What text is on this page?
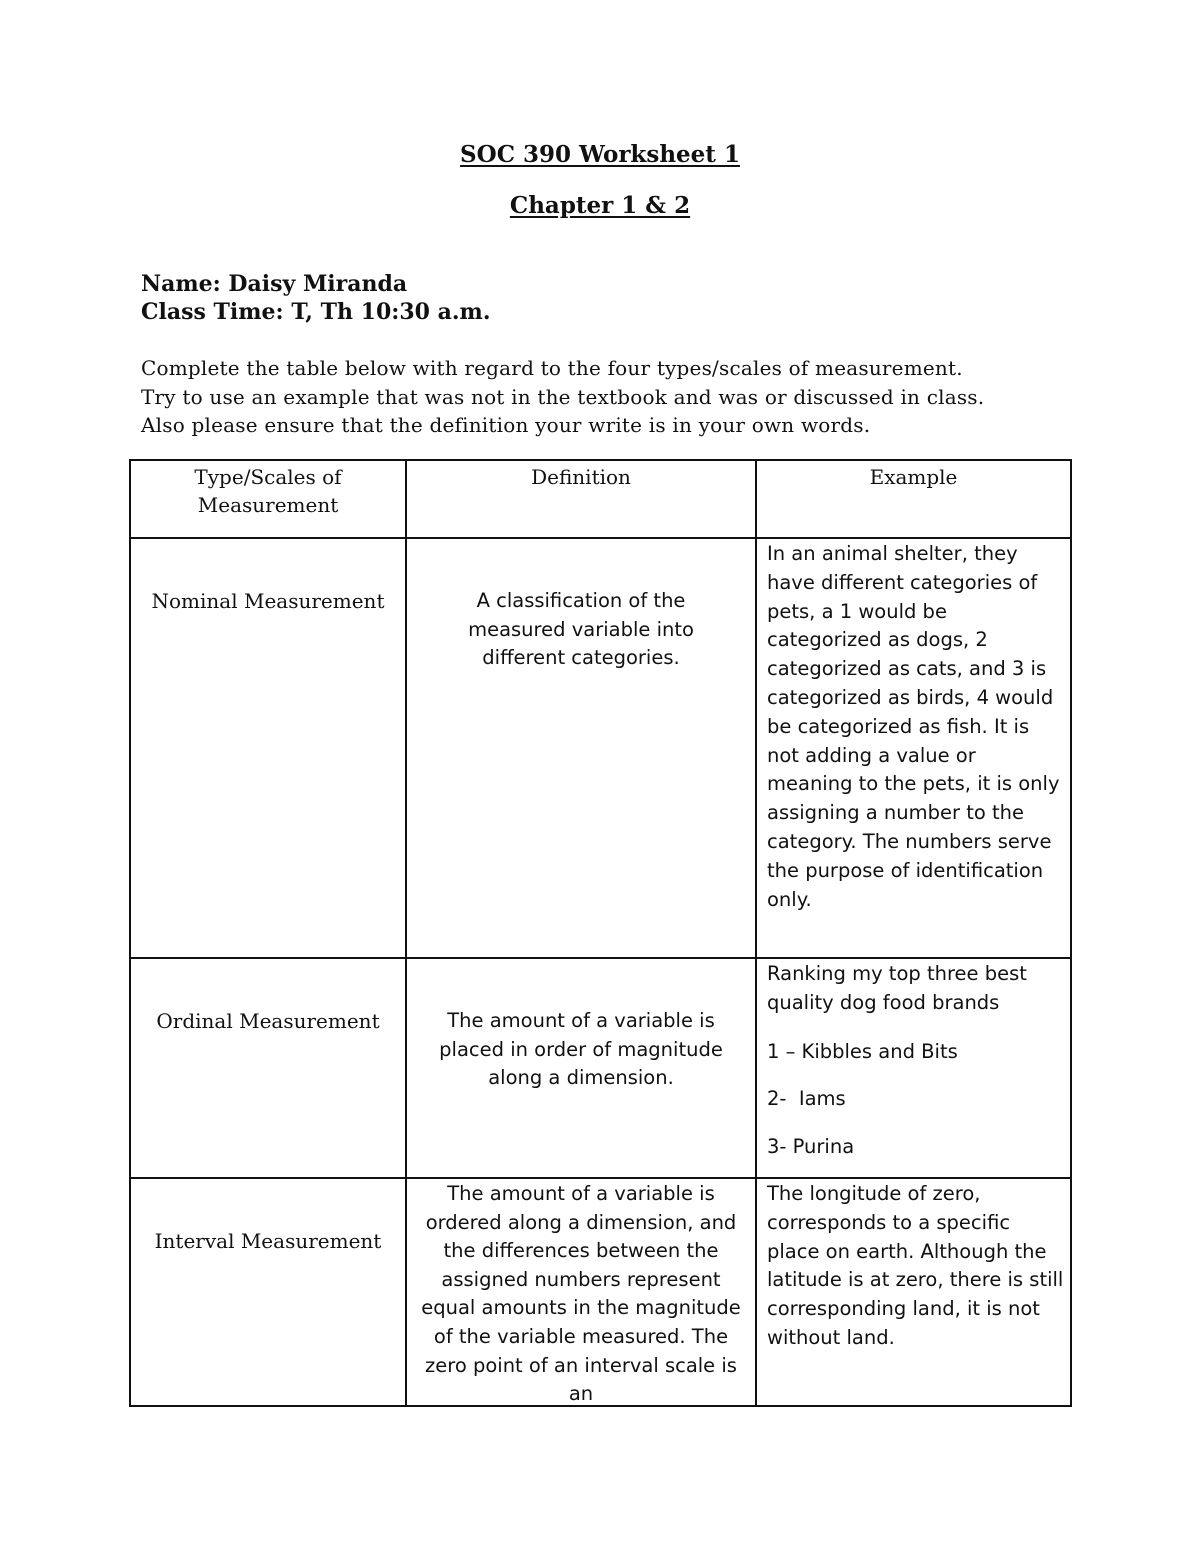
SOC 390 Worksheet 1
Chapter 1 & 2
Name: Daisy Miranda
Class Time: T, Th 10:30 a.m.
Complete the table below with regard to the four types/scales of measurement.
Try to use an example that was not in the textbook and was or discussed in class.
Also please ensure that the definition your write is in your own words.
Type/Scales of Measurement	Definition	Example

Nominal Measurement	A classification of the measured variable into different categories.	In an animal shelter, they have different categories of pets, a 1 would be categorized as dogs, 2 categorized as cats, and 3 is categorized as birds, 4 would be categorized as fish. It is not adding a value or meaning to the pets, it is only assigning a number to the category. The numbers serve the purpose of identification only.

Ordinal Measurement	The amount of a variable is placed in order of magnitude along a dimension.	Ranking my top three best quality dog food brands
1 – Kibbles and Bits
2-  Iams
3- Purina

Interval Measurement	The amount of a variable is ordered along a dimension, and the differences between the assigned numbers represent equal amounts in the magnitude of the variable measured. The zero point of an interval scale is an	The longitude of zero, corresponds to a specific place on earth. Although the latitude is at zero, there is still corresponding land, it is not without land.
